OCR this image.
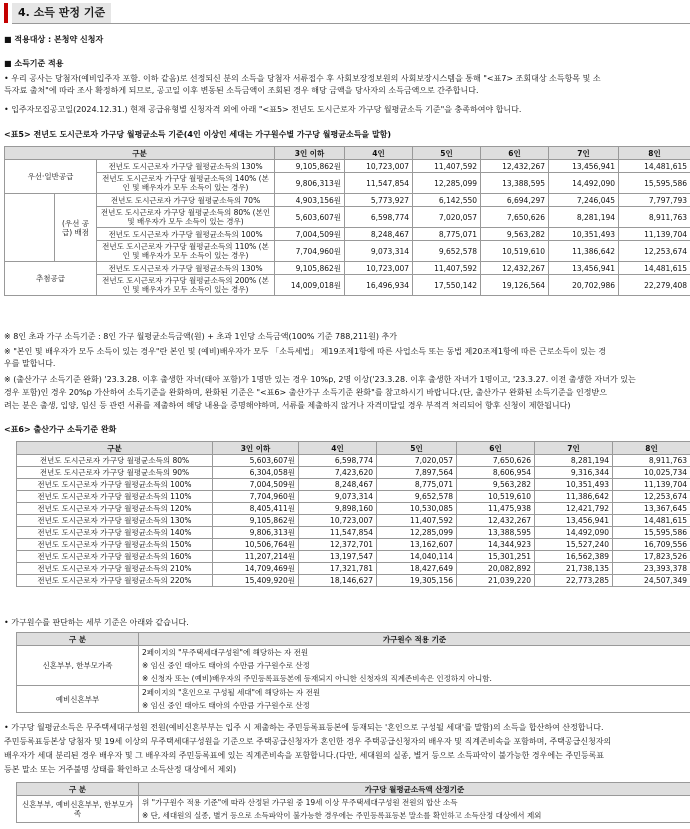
4. 소득 판정 기준
■ 적용대상 : 본청약 신청자
■ 소득기준 적용
• 우리 공사는 당첨자(예비입주자 포함. 이하 같음)로 선정되신 분의 소득을 당첨자 서류접수 후 사회보장정보원의 사회보장시스템을 통해 "<표7> 조회대상 소득항목 및 소
득자료 출처"에 따라 조사 확정하게 되므로, 공고일 이후 변동된 소득금액이 조회된 경우 해당 금액을 당사자의 소득금액으로 간주합니다.
• 입주자모집공고일(2024.12.31.) 현재 공급유형별 신청자격 외에 아래 "<표5> 전년도 도시근로자 가구당 월평균소득 기준"을 충족하여야 합니다.
<표5> 전년도 도시근로자 가구당 월평균소득 기준(4인 이상인 세대는 가구원수별 가구당 월평균소득을 말함)
구분			3인 이하	4인	5인	6인	7인	8인
우선·일반공급		전년도 도시근로자 가구당 월평균소득의 130%	9,105,862원	10,723,007	11,407,592	12,432,267	13,456,941	14,481,615
		전년도 도시근로자 가구당 월평균소득의 140% (본인 및 배우자가 모두 소득이 있는 경우)	9,806,313원	11,547,854	12,285,099	13,388,595	14,492,090	15,595,586
	(우선 공급) 배점	전년도 도시근로자 가구당 월평균소득의 70%	4,903,156원	5,773,927	6,142,550	6,694,297	7,246,045	7,797,793
		전년도 도시근로자 가구당 월평균소득의 80% (본인 및 배우자가 모두 소득이 있는 경우)	5,603,607원	6,598,774	7,020,057	7,650,626	8,281,194	8,911,763
		전년도 도시근로자 가구당 월평균소득의 100%	7,004,509원	8,248,467	8,775,071	9,563,282	10,351,493	11,139,704
		전년도 도시근로자 가구당 월평균소득의 110% (본인 및 배우자가 모두 소득이 있는 경우)	7,704,960원	9,073,314	9,652,578	10,519,610	11,386,642	12,253,674
추첨공급		전년도 도시근로자 가구당 월평균소득의 130%	9,105,862원	10,723,007	11,407,592	12,432,267	13,456,941	14,481,615
		전년도 도시근로자 가구당 월평균소득의 200% (본인 및 배우자가 모두 소득이 있는 경우)	14,009,018원	16,496,934	17,550,142	19,126,564	20,702,986	22,279,408
※ 8인 초과 가구 소득기준 : 8인 가구 월평균소득금액(원) + 초과 1인당 소득금액(100% 기준 788,211원) 추가
※ "본인 및 배우자가 모두 소득이 있는 경우"란 본인 및 (예비)배우자가 모두 「소득세법」 제19조제1항에 따른 사업소득 또는 동법 제20조제1항에 따른 근로소득이 있는 경
우를 말합니다.
※ (출산가구 소득기준 완화) '23.3.28. 이후 출생한 자녀(태아 포함)가 1명만 있는 경우 10%p, 2명 이상('23.3.28. 이후 출생한 자녀가 1명이고, '23.3.27. 이전 출생한 자녀가 있는
경우 포함)인 경우 20%p 가산하여 소득기준을 완화하며, 완화된 기준은 "<표6> 출산가구 소득기준 완화"를 참고하시기 바랍니다.(단, 출산가구 완화된 소득기준을 인정받으
려는 분은 출생, 입양, 임신 등 관련 서류를 제출하여 해당 내용을 증명해야하며, 서류를 제출하지 않거나 자격미달일 경우 부적격 처리되어 향후 신청이 제한됩니다)
<표6> 출산가구 소득기준 완화
구분	3인 이하	4인	5인	6인	7인	8인
전년도 도시근로자 가구당 월평균소득의 80%	5,603,607원	6,598,774	7,020,057	7,650,626	8,281,194	8,911,763
전년도 도시근로자 가구당 월평균소득의 90%	6,304,058원	7,423,620	7,897,564	8,606,954	9,316,344	10,025,734
전년도 도시근로자 가구당 월평균소득의 100%	7,004,509원	8,248,467	8,775,071	9,563,282	10,351,493	11,139,704
전년도 도시근로자 가구당 월평균소득의 110%	7,704,960원	9,073,314	9,652,578	10,519,610	11,386,642	12,253,674
전년도 도시근로자 가구당 월평균소득의 120%	8,405,411원	9,898,160	10,530,085	11,475,938	12,421,792	13,367,645
전년도 도시근로자 가구당 월평균소득의 130%	9,105,862원	10,723,007	11,407,592	12,432,267	13,456,941	14,481,615
전년도 도시근로자 가구당 월평균소득의 140%	9,806,313원	11,547,854	12,285,099	13,388,595	14,492,090	15,595,586
전년도 도시근로자 가구당 월평균소득의 150%	10,506,764원	12,372,701	13,162,607	14,344,923	15,527,240	16,709,556
전년도 도시근로자 가구당 월평균소득의 160%	11,207,214원	13,197,547	14,040,114	15,301,251	16,562,389	17,823,526
전년도 도시근로자 가구당 월평균소득의 210%	14,709,469원	17,321,781	18,427,649	20,082,892	21,738,135	23,393,378
전년도 도시근로자 가구당 월평균소득의 220%	15,409,920원	18,146,627	19,305,156	21,039,220	22,773,285	24,507,349
• 가구원수를 판단하는 세부 기준은 아래와 같습니다.
구 분	가구원수 적용 기준
신혼부부, 한부모가족	2페이지의 "무주택세대구성원"에 해당하는 자 전원
※ 임신 중인 태아도 태아의 수만큼 가구원수로 산정
※ 신청자 또는 (예비)배우자의 주민등록표등본에 등재되지 아니한 신청자의 직계존비속은 인정하지 아니함.

예비신혼부부	2페이지의 "혼인으로 구성될 세대"에 해당하는 자 전원
※ 임신 중인 태아도 태아의 수만큼 가구원수로 산정
• 가구당 월평균소득은 무주택세대구성원 전원(예비신혼부부는 입주 시 제출하는 주민등록표등본에 등재되는 '혼인으로 구성될 세대'를 말함)의 소득을 합산하여 산정합니다.
주민등록표등본상 당첨자 및 19세 이상의 무주택세대구성원을 기준으로 주택공급신청자가 혼인한 경우 주택공급신청자의 배우자 및 직계존비속을 포함하며, 주택공급신청자의
배우자가 세대 분리된 경우 배우자 및 그 배우자의 주민등록표에 있는 직계존비속을 포함합니다.(다만, 세대원의 실종, 별거 등으로 소득파악이 불가능한 경우에는 주민등록표
등본 말소 또는 거주불명 상태를 확인하고 소득산정 대상에서 제외)
구 분	가구당 월평균소득액 산정기준
신혼부부, 예비신혼부부, 한부모가족	위 "가구원수 적용 기준"에 따라 산정된 가구원 중 19세 이상 무주택세대구성원 전원의 합산 소득
※ 단, 세대원의 실종, 별거 등으로 소득파악이 불가능한 경우에는 주민등록표등본 말소를 확인하고 소득산정 대상에서 제외
